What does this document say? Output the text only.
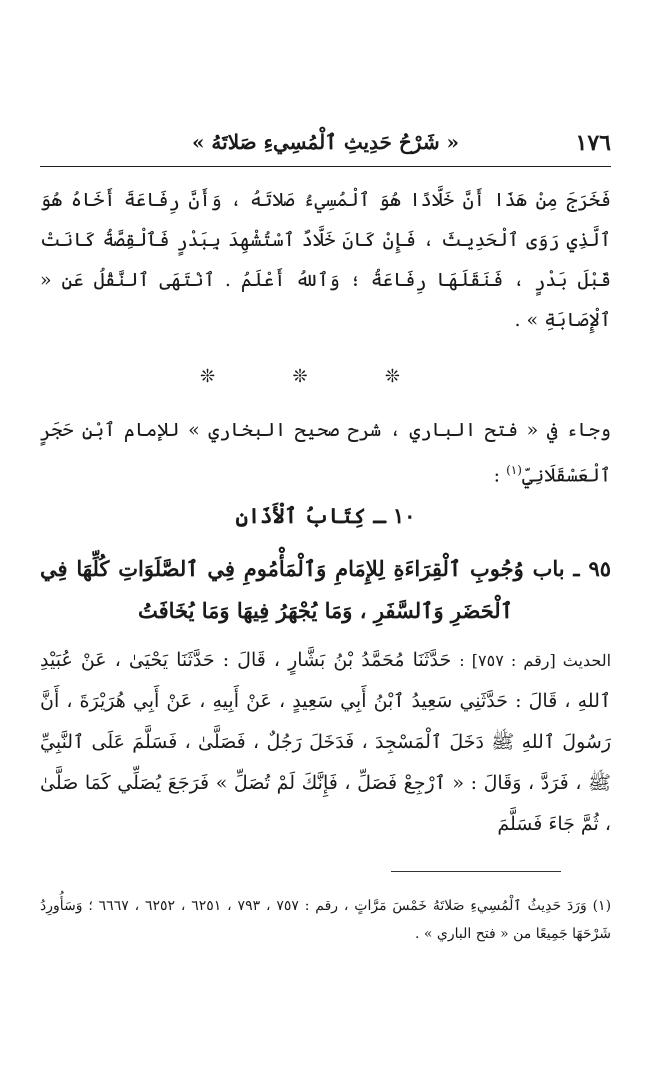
١٧٦
« شَرْحُ حَدِيثِ ٱلْمُسِيءِ صَلاتَهُ »
فَخَرَجَ مِنْ هَذَا أَنَّ خَلَّادًا هُوَ ٱلْمُسِيءُ صَلاتَهُ ، وَأَنَّ رِفَاعَةَ أَخَاهُ هُوَ ٱلَّذِي رَوَى ٱلْحَدِيثَ ، فَإِنْ كَانَ خَلَّادٌ ٱسْتُشْهِدَ بِبَدْرٍ فَٱلْقِصَّةُ كَانَتْ قَبْلَ بَدْرٍ ، فَنَقَلَهَا رِفَاعَةُ ؛ وَٱللهُ أَعْلَمُ . ٱنْتَهَى ٱلنَّقْلُ عَنِ « ٱلْإِصَابَةِ » .
❊
❊
❊
وجاء في « فتح الباري ، شرح صحيح البخاري » للإمام ٱبْنِ حَجَرٍ ٱلْعَسْقَلَانِيِّ$^{(١)}$ :
١٠ ـ كِتَابُ ٱلْأَذَانِ
٩٥ ـ باب وُجُوبِ ٱلْقِرَاءَةِ لِلإِمَامِ وَٱلْمَأْمُومِ فِي ٱلصَّلَوَاتِ كُلِّهَا فِي ٱلْحَضَرِ وَٱلسَّفَرِ ، وَمَا يُجْهَرُ فِيهَا وَمَا يُخَافَتُ
الحديث [رقم : ٧٥٧] : حَدَّثَنَا مُحَمَّدُ بْنُ بَشَّارٍ ، قَالَ : حَدَّثَنَا يَحْيَىٰ ، عَنْ عُبَيْدِ ٱللهِ ، قَالَ : حَدَّثَنِي سَعِيدُ ٱبْنُ أَبِي سَعِيدٍ ، عَنْ أَبِيهِ ، عَنْ أَبِي هُرَيْرَةَ ، أَنَّ رَسُولَ ٱللهِ ﷺ دَخَلَ ٱلْمَسْجِدَ ، فَدَخَلَ رَجُلٌ ، فَصَلَّىٰ ، فَسَلَّمَ عَلَى ٱلنَّبِيِّ ﷺ ، فَرَدَّ ، وَقَالَ : « ٱرْجِعْ فَصَلِّ ، فَإِنَّكَ لَمْ تُصَلِّ » فَرَجَعَ يُصَلِّي كَمَا صَلَّىٰ ، ثُمَّ جَاءَ فَسَلَّمَ
(١) وَرَدَ حَدِيثُ ٱلْمُسِيءِ صَلاتَهُ خَمْسَ مَرَّاتٍ ، رقم : ٧٥٧ ، ٧٩٣ ، ٦٢٥١ ، ٦٢٥٢ ، ٦٦٦٧ ؛ وَسَأُورِدُ شَرْحَهَا جَمِيعًا من « فتح الباري » .
